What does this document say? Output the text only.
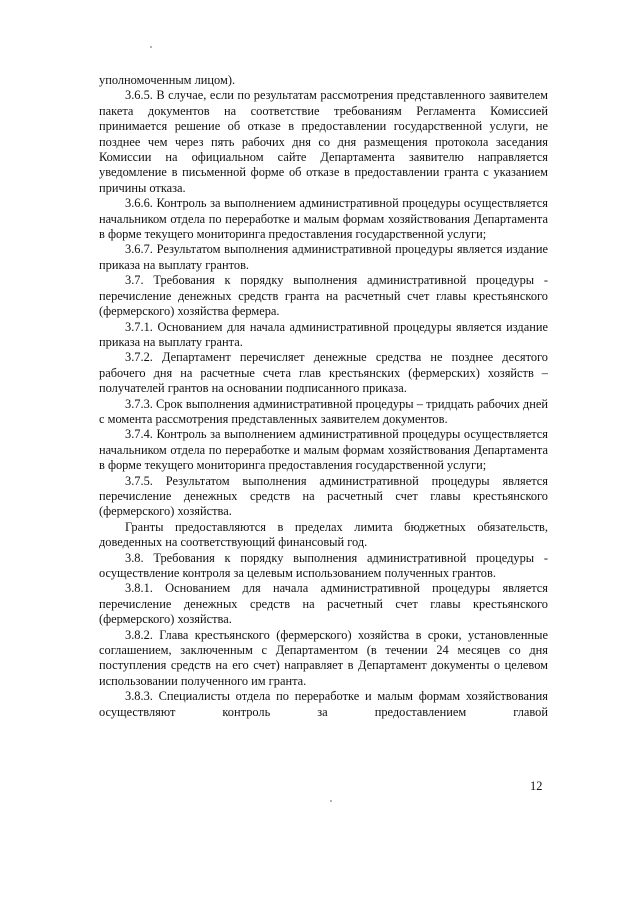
уполномоченным лицом).

3.6.5. В случае, если по результатам рассмотрения представленного заявителем пакета документов на соответствие требованиям Регламента Комиссией принимается решение об отказе в предоставлении государственной услуги, не позднее чем через пять рабочих дня со дня размещения протокола заседания Комиссии на официальном сайте Департамента заявителю направляется уведомление в письменной форме об отказе в предоставлении гранта с указанием причины отказа.

3.6.6. Контроль за выполнением административной процедуры осуществляется начальником отдела по переработке и малым формам хозяйствования Департамента в форме текущего мониторинга предоставления государственной услуги;

3.6.7. Результатом выполнения административной процедуры является издание приказа на выплату грантов.

3.7. Требования к порядку выполнения административной процедуры - перечисление денежных средств гранта на расчетный счет главы крестьянского (фермерского) хозяйства фермера.

3.7.1. Основанием для начала административной процедуры является издание приказа на выплату гранта.

3.7.2. Департамент перечисляет денежные средства не позднее десятого рабочего дня на расчетные счета глав крестьянских (фермерских) хозяйств – получателей грантов на основании подписанного приказа.

3.7.3. Срок выполнения административной процедуры – тридцать рабочих дней с момента рассмотрения представленных заявителем документов.

3.7.4. Контроль за выполнением административной процедуры осуществляется начальником отдела по переработке и малым формам хозяйствования Департамента в форме текущего мониторинга предоставления государственной услуги;

3.7.5. Результатом выполнения административной процедуры является перечисление денежных средств на расчетный счет главы крестьянского (фермерского) хозяйства.

Гранты предоставляются в пределах лимита бюджетных обязательств, доведенных на соответствующий финансовый год.

3.8. Требования к порядку выполнения административной процедуры - осуществление контроля за целевым использованием полученных грантов.

3.8.1. Основанием для начала административной процедуры является перечисление денежных средств на расчетный счет главы крестьянского (фермерского) хозяйства.

3.8.2. Глава крестьянского (фермерского) хозяйства в сроки, установленные соглашением, заключенным с Департаментом (в течении 24 месяцев со дня поступления средств на его счет) направляет в Департамент документы о целевом использовании полученного им гранта.

3.8.3. Специалисты отдела по переработке и малым формам хозяйствования осуществляют контроль за предоставлением главой

12
